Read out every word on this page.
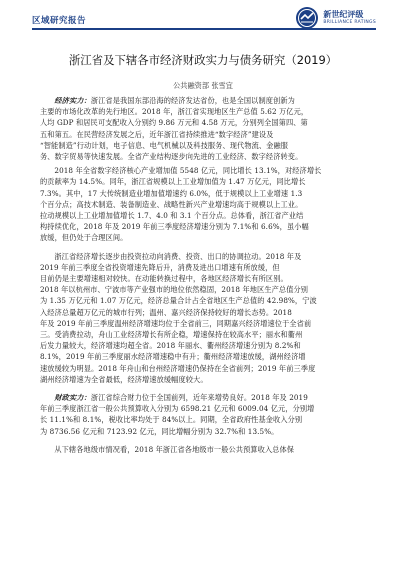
区域研究报告
新世纪评级
BRILLIANCE RATINGS
浙江省及下辖各市经济财政实力与债务研究（2019）
公共融资部 张雪宜
经济实力：浙江省是我国东部沿海的经济发达省份，也是全国以制度创新为
主要的市场化改革的先行地区。2018 年，浙江省实现地区生产总值 5.62 万亿元，
人均 GDP 和居民可支配收入分别约 9.86 万元和 4.58 万元，分别列全国第四、第
五和第五。在民营经济发展之后，近年浙江省持续推进“数字经济”建设及
“智能制造”行动计划，电子信息、电气机械以及科技服务、现代物流、金融服
务、数字贸易等快速发展。全省产业结构逐步向先进的工业经济、数字经济转变。
2018 年全省数字经济核心产业增加值 5548 亿元，同比增长 13.1%，对经济增长
的贡献率为 14.5%。同年，浙江省规模以上工业增加值为 1.47 万亿元，同比增长
7.3%。其中，17 大传统制造业增加值增速约 6.0%，低于规模以上工业增速 1.3
个百分点；高技术制造、装备制造业、战略性新兴产业增速均高于规模以上工业。
拉动规模以上工业增加值增长 1.7、4.0 和 3.1 个百分点。总体看，浙江省产业结
构持续优化，2018 年及 2019 年前三季度经济增速分别为 7.1%和 6.6%，虽小幅
放缓，但仍处于合理区间。
浙江省经济增长逐步由投资拉动向消费、投资、出口的协调拉动。2018 年及
2019 年前三季度全省投资增速先降后升，消费及进出口增速有所放缓，但
目前仍是主要增速相对较快。在动能转换过程中，各地区经济增长有所区别。
2018 年以杭州市、宁波市等产业强市的地位依然稳固，2018 年地区生产总值分别
为 1.35 万亿元和 1.07 万亿元，经济总量合计占全省地区生产总值的 42.98%，宁波
入经济总量超万亿元的城市行列；温州、嘉兴经济保持较好的增长态势。2018
年及 2019 年前三季度温州经济增速均位于全省前三，同期嘉兴经济增速位于全省前
三。受消费拉动，舟山工业经济增长有所企稳，增速保持在较高水平；丽水和衢州
后发力量较大，经济增速均超全省。2018 年丽水、衢州经济增速分别为 8.2%和
8.1%，2019 年前三季度丽水经济增速稳中有升；衢州经济增速放缓，湖州经济增
速放缓较为明显。2018 年舟山和台州经济增速仍保持在全省前列；2019 年前三季度
湖州经济增速为全省最低，经济增速放缓幅度较大。
财政实力：浙江省综合财力位于全国前列，近年来增势良好。2018 年及 2019
年前三季度浙江省一般公共预算收入分别为 6598.21 亿元和 6009.04 亿元，分别增
长 11.1%和 8.1%，税收比率均处于 84%以上。同期，全省政府性基金收入分别
为 8736.56 亿元和 7123.92 亿元，同比增幅分别为 32.7%和 13.5%。
从下辖各地级市情况看，2018 年浙江省各地级市一般公共预算收入总体保
